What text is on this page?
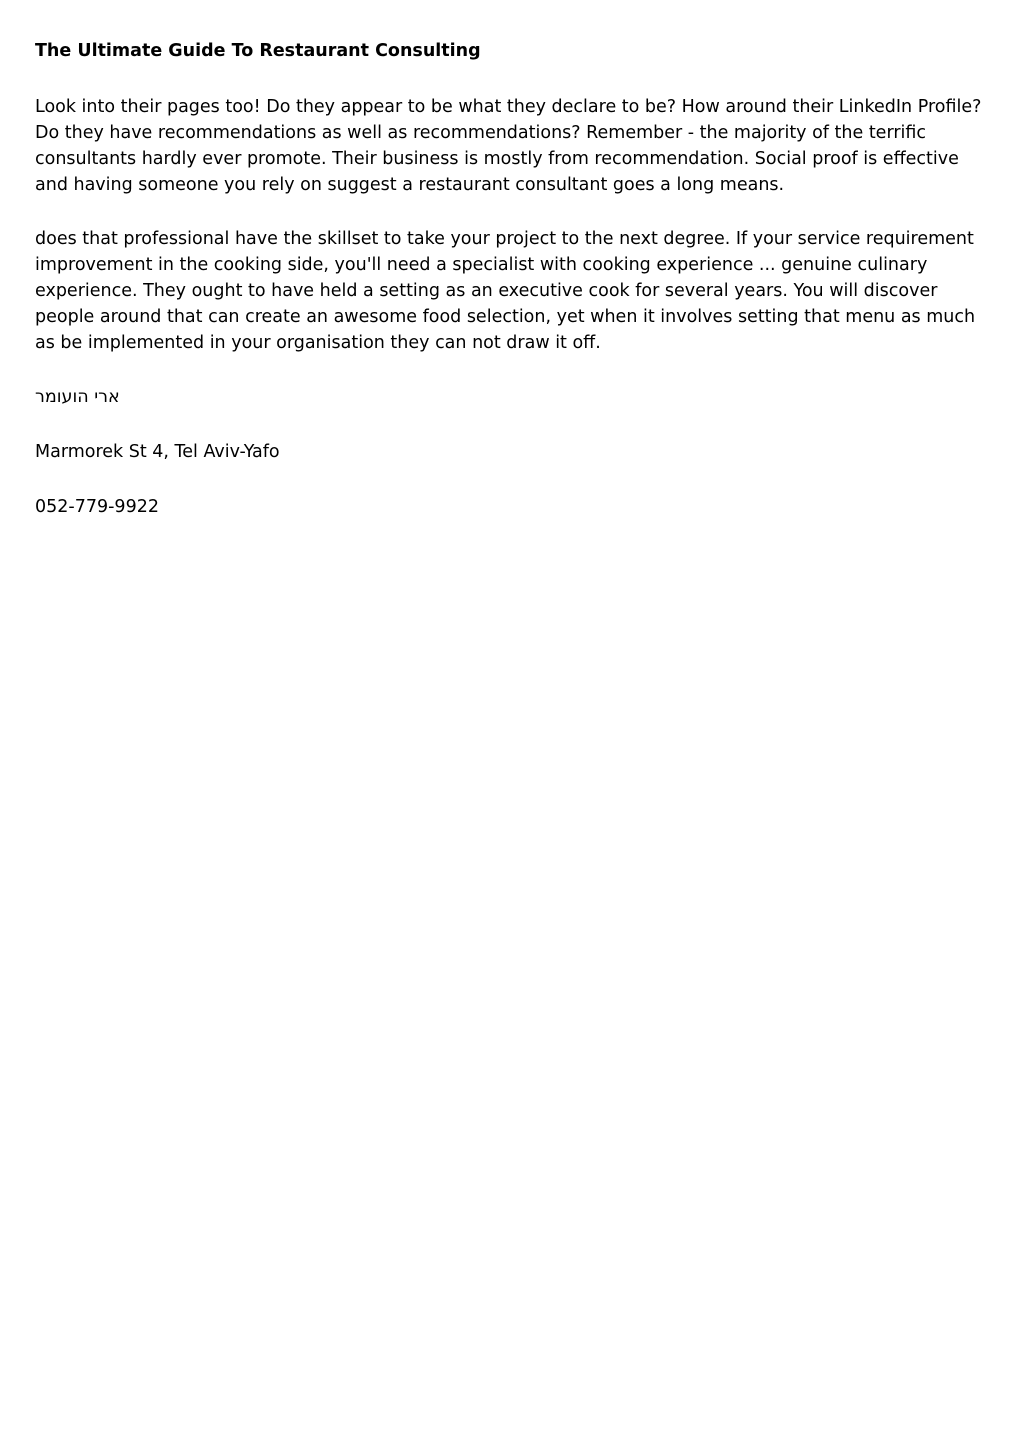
The Ultimate Guide To Restaurant Consulting

Look into their pages too! Do they appear to be what they declare to be? How around their LinkedIn Profile? Do they have recommendations as well as recommendations? Remember - the majority of the terrific consultants hardly ever promote. Their business is mostly from recommendation. Social proof is effective and having someone you rely on suggest a restaurant consultant goes a long means.

does that professional have the skillset to take your project to the next degree. If your service requirement improvement in the cooking side, you'll need a specialist with cooking experience ... genuine culinary experience. They ought to have held a setting as an executive cook for several years. You will discover people around that can create an awesome food selection, yet when it involves setting that menu as much as be implemented in your organisation they can not draw it off.

ארי הועומר

Marmorek St 4, Tel Aviv-Yafo

052-779-9922
